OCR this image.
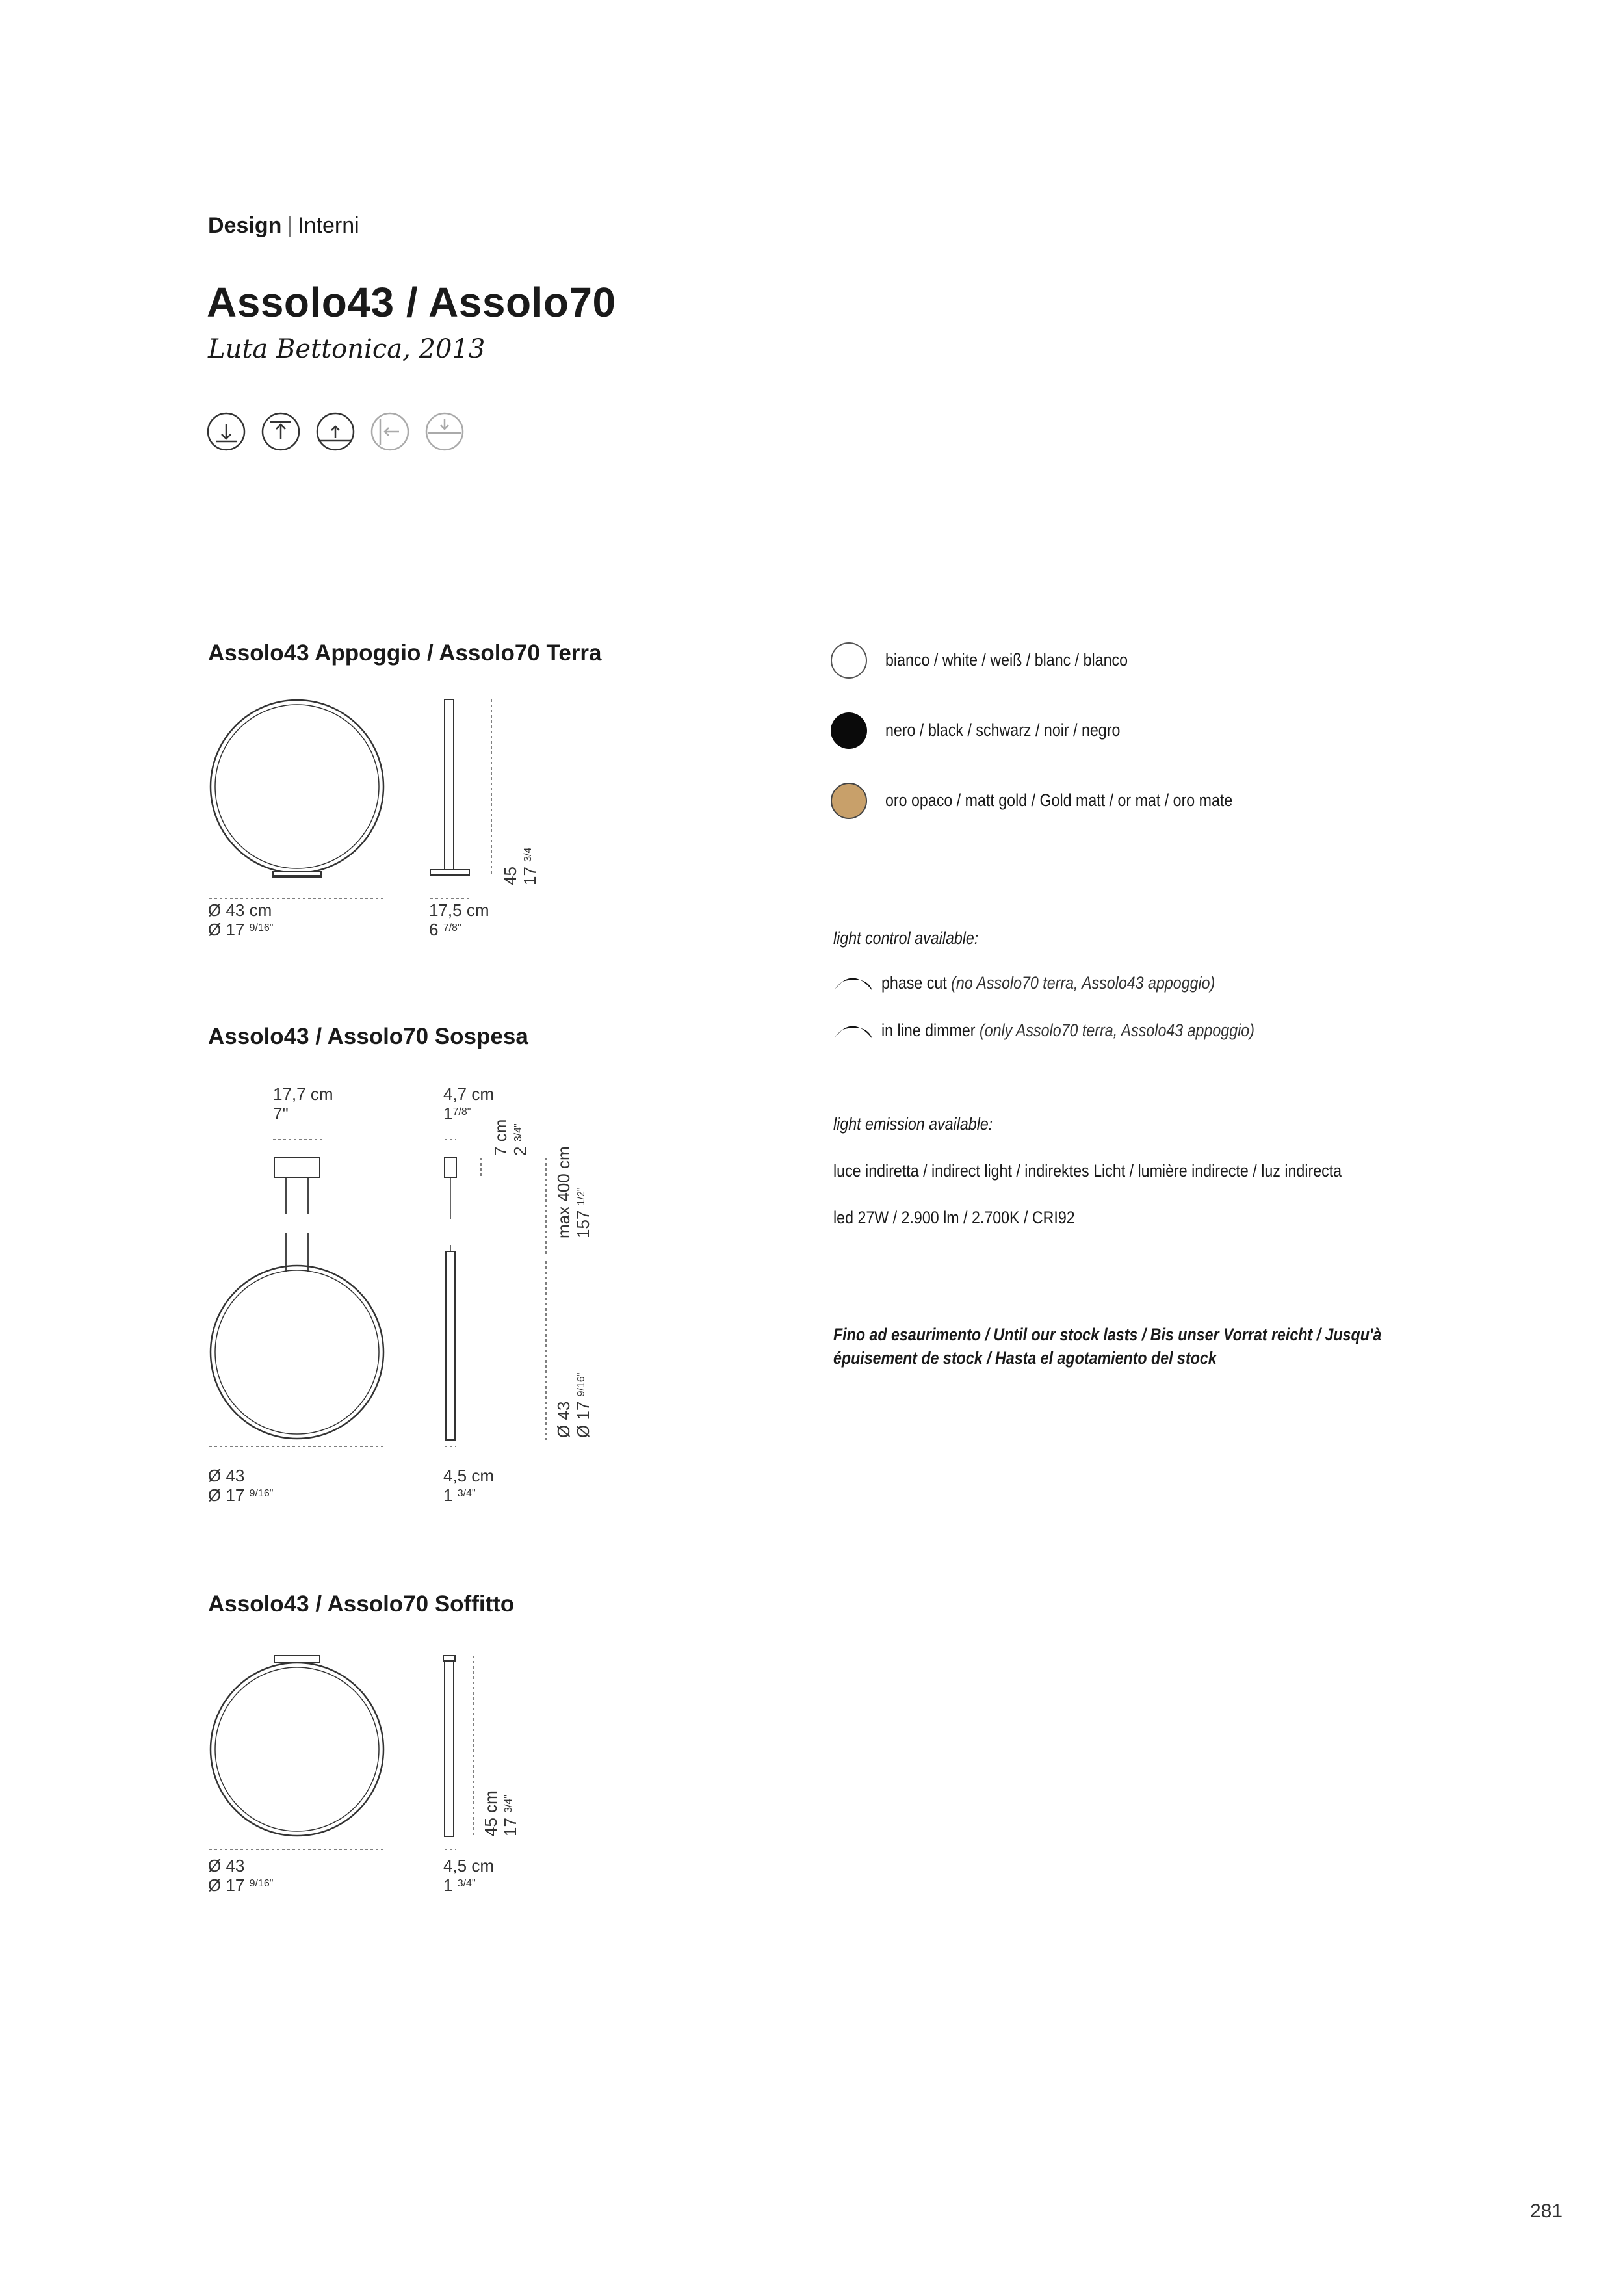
Design | Interni
Assolo43 / Assolo70
Luta Bettonica, 2013
Assolo43 Appoggio / Assolo70 Terra
Ø 43 cm
Ø 17 $^{9/16"}$
17,5 cm
6 $^{7/8"}$
45 17 $^{3/4}$
Assolo43 / Assolo70 Sospesa
17,7 cm
7"
4,7 cm
$1^{7/8"}$
7 cm 2 $^{3/4"}$
max 400 cm 157 $^{1/2"}$
Ø 43 Ø 17 $^{9/16"}$
Ø 43
Ø 17 $^{9/16"}$
4,5 cm
1 $^{3/4"}$
Assolo43 / Assolo70 Soffitto
45 cm 17 $^{3/4"}$
Ø 43
Ø 17 $^{9/16"}$
4,5 cm
1 $^{3/4"}$
bianco / white / weiß / blanc / blanco
nero / black / schwarz / noir / negro
oro opaco / matt gold / Gold matt / or mat / oro mate
light control available:
phase cut (no Assolo70 terra, Assolo43 appoggio)
in line dimmer (only Assolo70 terra, Assolo43 appoggio)
light emission available:
luce indiretta / indirect light / indirektes Licht / lumière indirecte / luz indirecta
led 27W / 2.900 lm / 2.700K / CRI92
Fino ad esaurimento / Until our stock lasts / Bis unser Vorrat reicht / Jusqu'à
épuisement de stock / Hasta el agotamiento del stock
281
